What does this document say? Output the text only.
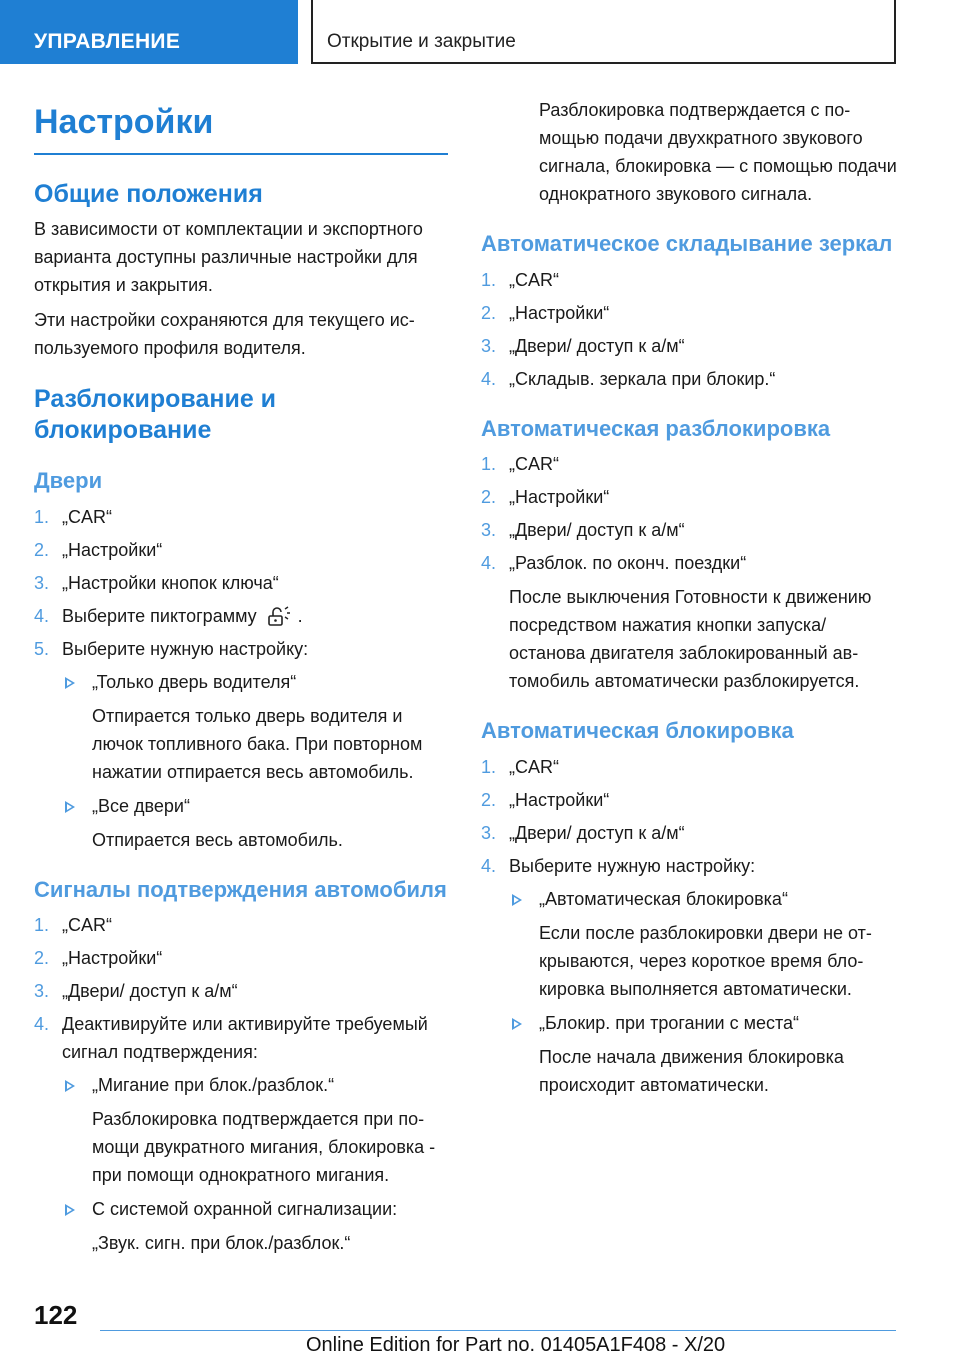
УПРАВЛЕНИЕ	Открытие и закрытие
Настройки
Общие положения

В зависимости от комплектации и экспортного варианта доступны различные настройки для открытия и закрытия.

Эти настройки сохраняются для текущего используемого профиля водителя.

Разблокирование и блокирование
Двери
1. „CAR“
2. „Настройки“
3. „Настройки кнопок ключа“
4. Выберите пиктограмму .
5. Выберите нужную настройку:
„Только дверь водителя“
Отпирается только дверь водителя и лючок топливного бака. При повторном нажатии отпирается весь автомобиль.
„Все двери“
Отпирается весь автомобиль.
Сигналы подтверждения автомобиля
1. „CAR“
2. „Настройки“
3. „Двери/ доступ к а/м“
4. Деактивируйте или активируйте требуемый сигнал подтверждения:
„Мигание при блок./разблок.“
Разблокировка подтверждается при помощи двукратного мигания, блокировка - при помощи однократного мигания.
С системой охранной сигнализации:
„Звук. сигн. при блок./разблок.“

Разблокировка подтверждается с помощью подачи двухкратного звукового сигнала, блокировка — с помощью подачи однократного звукового сигнала.

Автоматическое складывание зеркал
1. „CAR“
2. „Настройки“
3. „Двери/ доступ к а/м“
4. „Складыв. зеркала при блокир.“
Автоматическая разблокировка
1. „CAR“
2. „Настройки“
3. „Двери/ доступ к а/м“
4. „Разблок. по оконч. поездки“
После выключения Готовности к движению посредством нажатия кнопки запуска/ останова двигателя заблокированный автомобиль автоматически разблокируется.
Автоматическая блокировка
1. „CAR“
2. „Настройки“
3. „Двери/ доступ к а/м“
4. Выберите нужную настройку:
„Автоматическая блокировка“
Если после разблокировки двери не открываются, через короткое время блокировка выполняется автоматически.
„Блокир. при трогании с места“
После начала движения блокировка происходит автоматически.
122
Online Edition for Part no. 01405A1F408 - X/20
